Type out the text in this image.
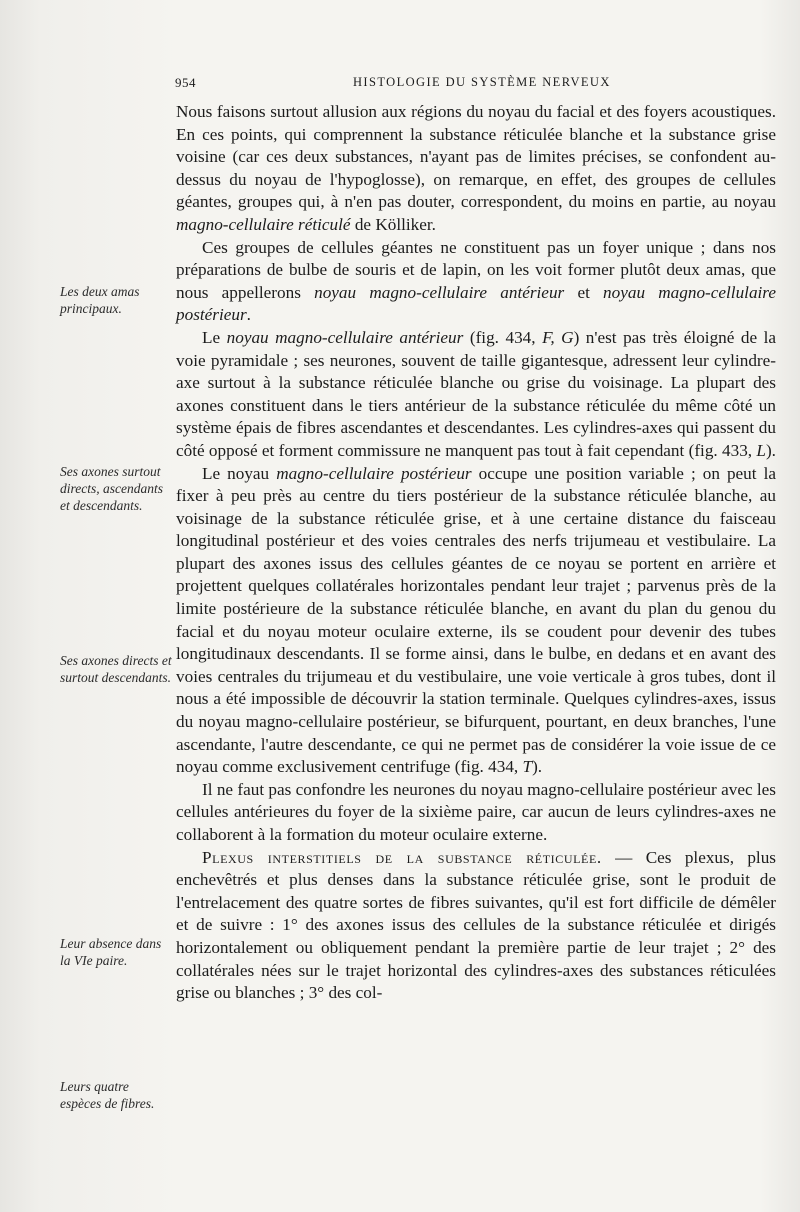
954	HISTOLOGIE DU SYSTÈME NERVEUX
Les deux amas principaux.
Ses axones surtout directs, ascendants et descendants.
Ses axones directs et surtout descendants.
Leur absence dans la VIe paire.
Leurs quatre espèces de fibres.

Nous faisons surtout allusion aux régions du noyau du facial et des foyers acoustiques. En ces points, qui comprennent la substance réticulée blanche et la substance grise voisine (car ces deux substances, n'ayant pas de limites précises, se confondent au-dessus du noyau de l'hypoglosse), on remarque, en effet, des groupes de cellules géantes, groupes qui, à n'en pas douter, correspondent, du moins en partie, au noyau magno-cellulaire réticulé de Kölliker.

Ces groupes de cellules géantes ne constituent pas un foyer unique ; dans nos préparations de bulbe de souris et de lapin, on les voit former plutôt deux amas, que nous appellerons noyau magno-cellulaire antérieur et noyau magno-cellulaire postérieur.

Le noyau magno-cellulaire antérieur (fig. 434, F, G) n'est pas très éloigné de la voie pyramidale ; ses neurones, souvent de taille gigantesque, adressent leur cylindre-axe surtout à la substance réticulée blanche ou grise du voisinage. La plupart des axones constituent dans le tiers antérieur de la substance réticulée du même côté un système épais de fibres ascendantes et descendantes. Les cylindres-axes qui passent du côté opposé et forment commissure ne manquent pas tout à fait cependant (fig. 433, L).

Le noyau magno-cellulaire postérieur occupe une position variable ; on peut la fixer à peu près au centre du tiers postérieur de la substance réticulée blanche, au voisinage de la substance réticulée grise, et à une certaine distance du faisceau longitudinal postérieur et des voies centrales des nerfs trijumeau et vestibulaire. La plupart des axones issus des cellules géantes de ce noyau se portent en arrière et projettent quelques collatérales horizontales pendant leur trajet ; parvenus près de la limite postérieure de la substance réticulée blanche, en avant du plan du genou du facial et du noyau moteur oculaire externe, ils se coudent pour devenir des tubes longitudinaux descendants. Il se forme ainsi, dans le bulbe, en dedans et en avant des voies centrales du trijumeau et du vestibulaire, une voie verticale à gros tubes, dont il nous a été impossible de découvrir la station terminale. Quelques cylindres-axes, issus du noyau magno-cellulaire postérieur, se bifurquent, pourtant, en deux branches, l'une ascendante, l'autre descendante, ce qui ne permet pas de considérer la voie issue de ce noyau comme exclusivement centrifuge (fig. 434, T).

Il ne faut pas confondre les neurones du noyau magno-cellulaire postérieur avec les cellules antérieures du foyer de la sixième paire, car aucun de leurs cylindres-axes ne collaborent à la formation du moteur oculaire externe.

Plexus interstitiels de la substance réticulée. — Ces plexus, plus enchevêtrés et plus denses dans la substance réticulée grise, sont le produit de l'entrelacement des quatre sortes de fibres suivantes, qu'il est fort difficile de démêler et de suivre : 1° des axones issus des cellules de la substance réticulée et dirigés horizontalement ou obliquement pendant la première partie de leur trajet ; 2° des collatérales nées sur le trajet horizontal des cylindres-axes des substances réticulées grise ou blanches ; 3° des col-
